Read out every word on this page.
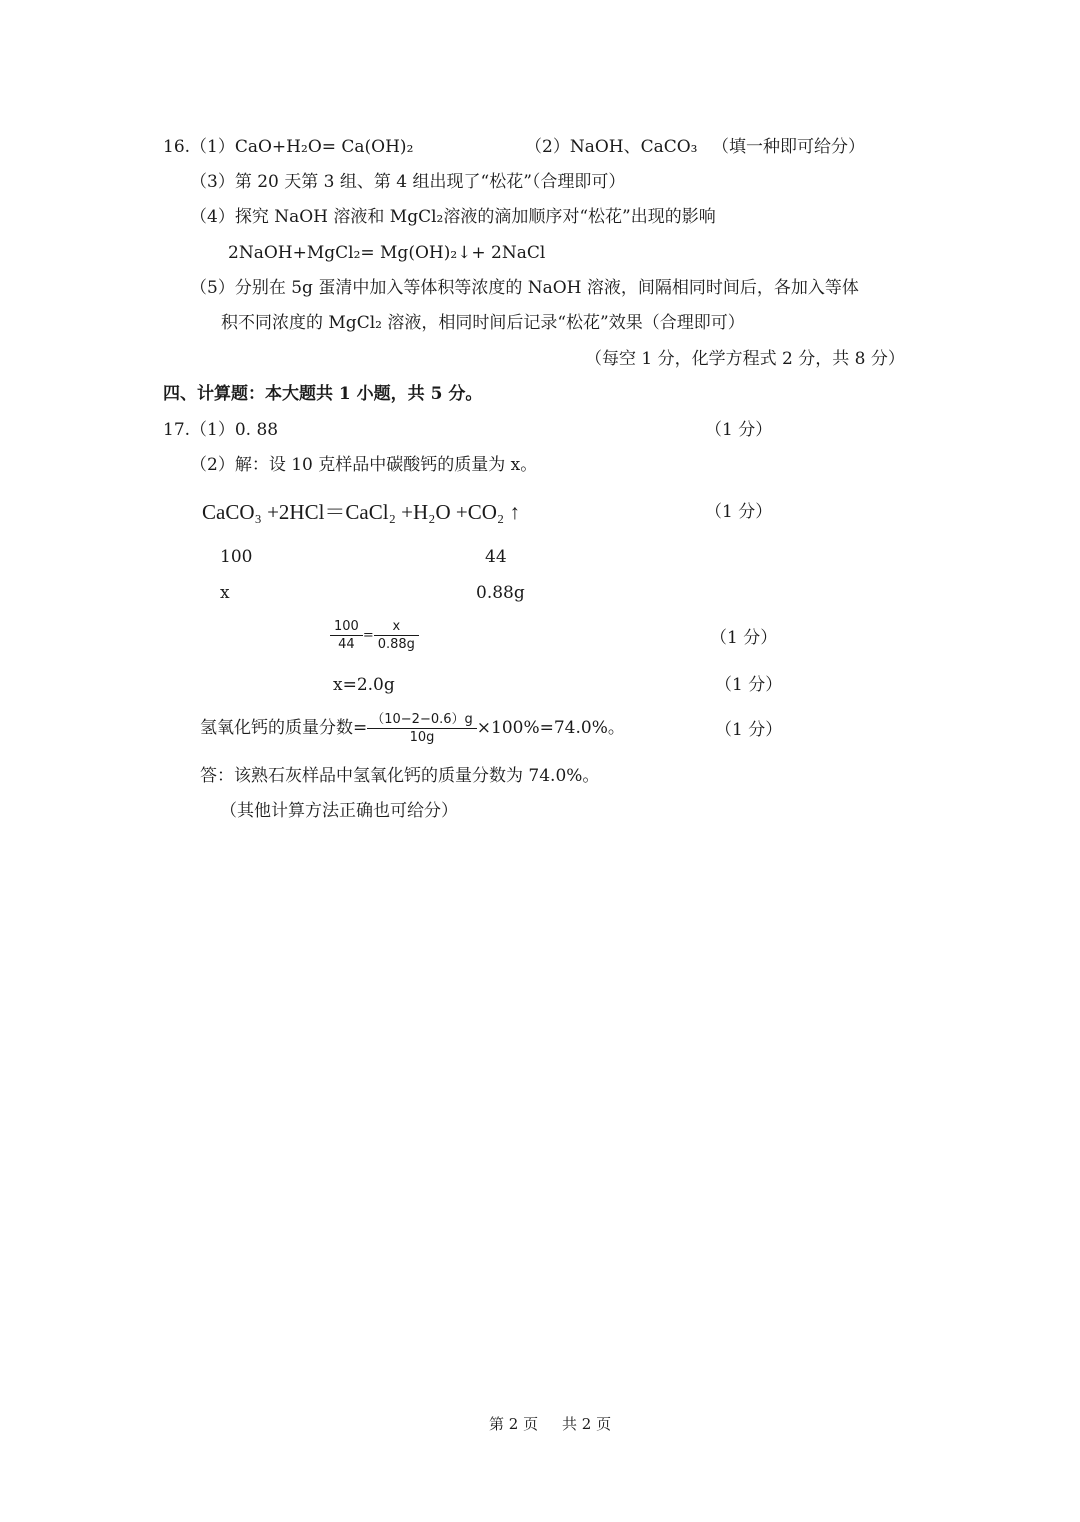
16.（1）CaO+H₂O= Ca(OH)₂	（2）NaOH、CaCO₃ （填一种即可给分）
（3）第 20 天第 3 组、第 4 组出现了“松花”（合理即可）
（4）探究 NaOH 溶液和 MgCl₂溶液的滴加顺序对“松花”出现的影响
2NaOH+MgCl₂= Mg(OH)₂↓+ 2NaCl
（5）分别在 5g 蛋清中加入等体积等浓度的 NaOH 溶液，间隔相同时间后，各加入等体
积不同浓度的 MgCl₂ 溶液，相同时间后记录“松花”效果（合理即可）
（每空 1 分，化学方程式 2 分，共 8 分）
四、计算题：本大题共 1 小题，共 5 分。
17.（1）0. 88	（1 分）
（2）解：设 10 克样品中碳酸钙的质量为 x。
CaCO₃ +2HCl＝CaCl₂ +H₂O +CO₂ ↑	（1 分）
100	44
x	0.88g
$\frac{100}{44} = \frac{x}{0.88g}$	（1 分）
x=2.0g	（1 分）
氢氧化钙的质量分数= $\frac{(10-2-0.6)g}{10g} \times 100\%=74.0\%$。	（1 分）
答：该熟石灰样品中氢氧化钙的质量分数为 74.0%。
（其他计算方法正确也可给分）
第 2 页 共 2 页
